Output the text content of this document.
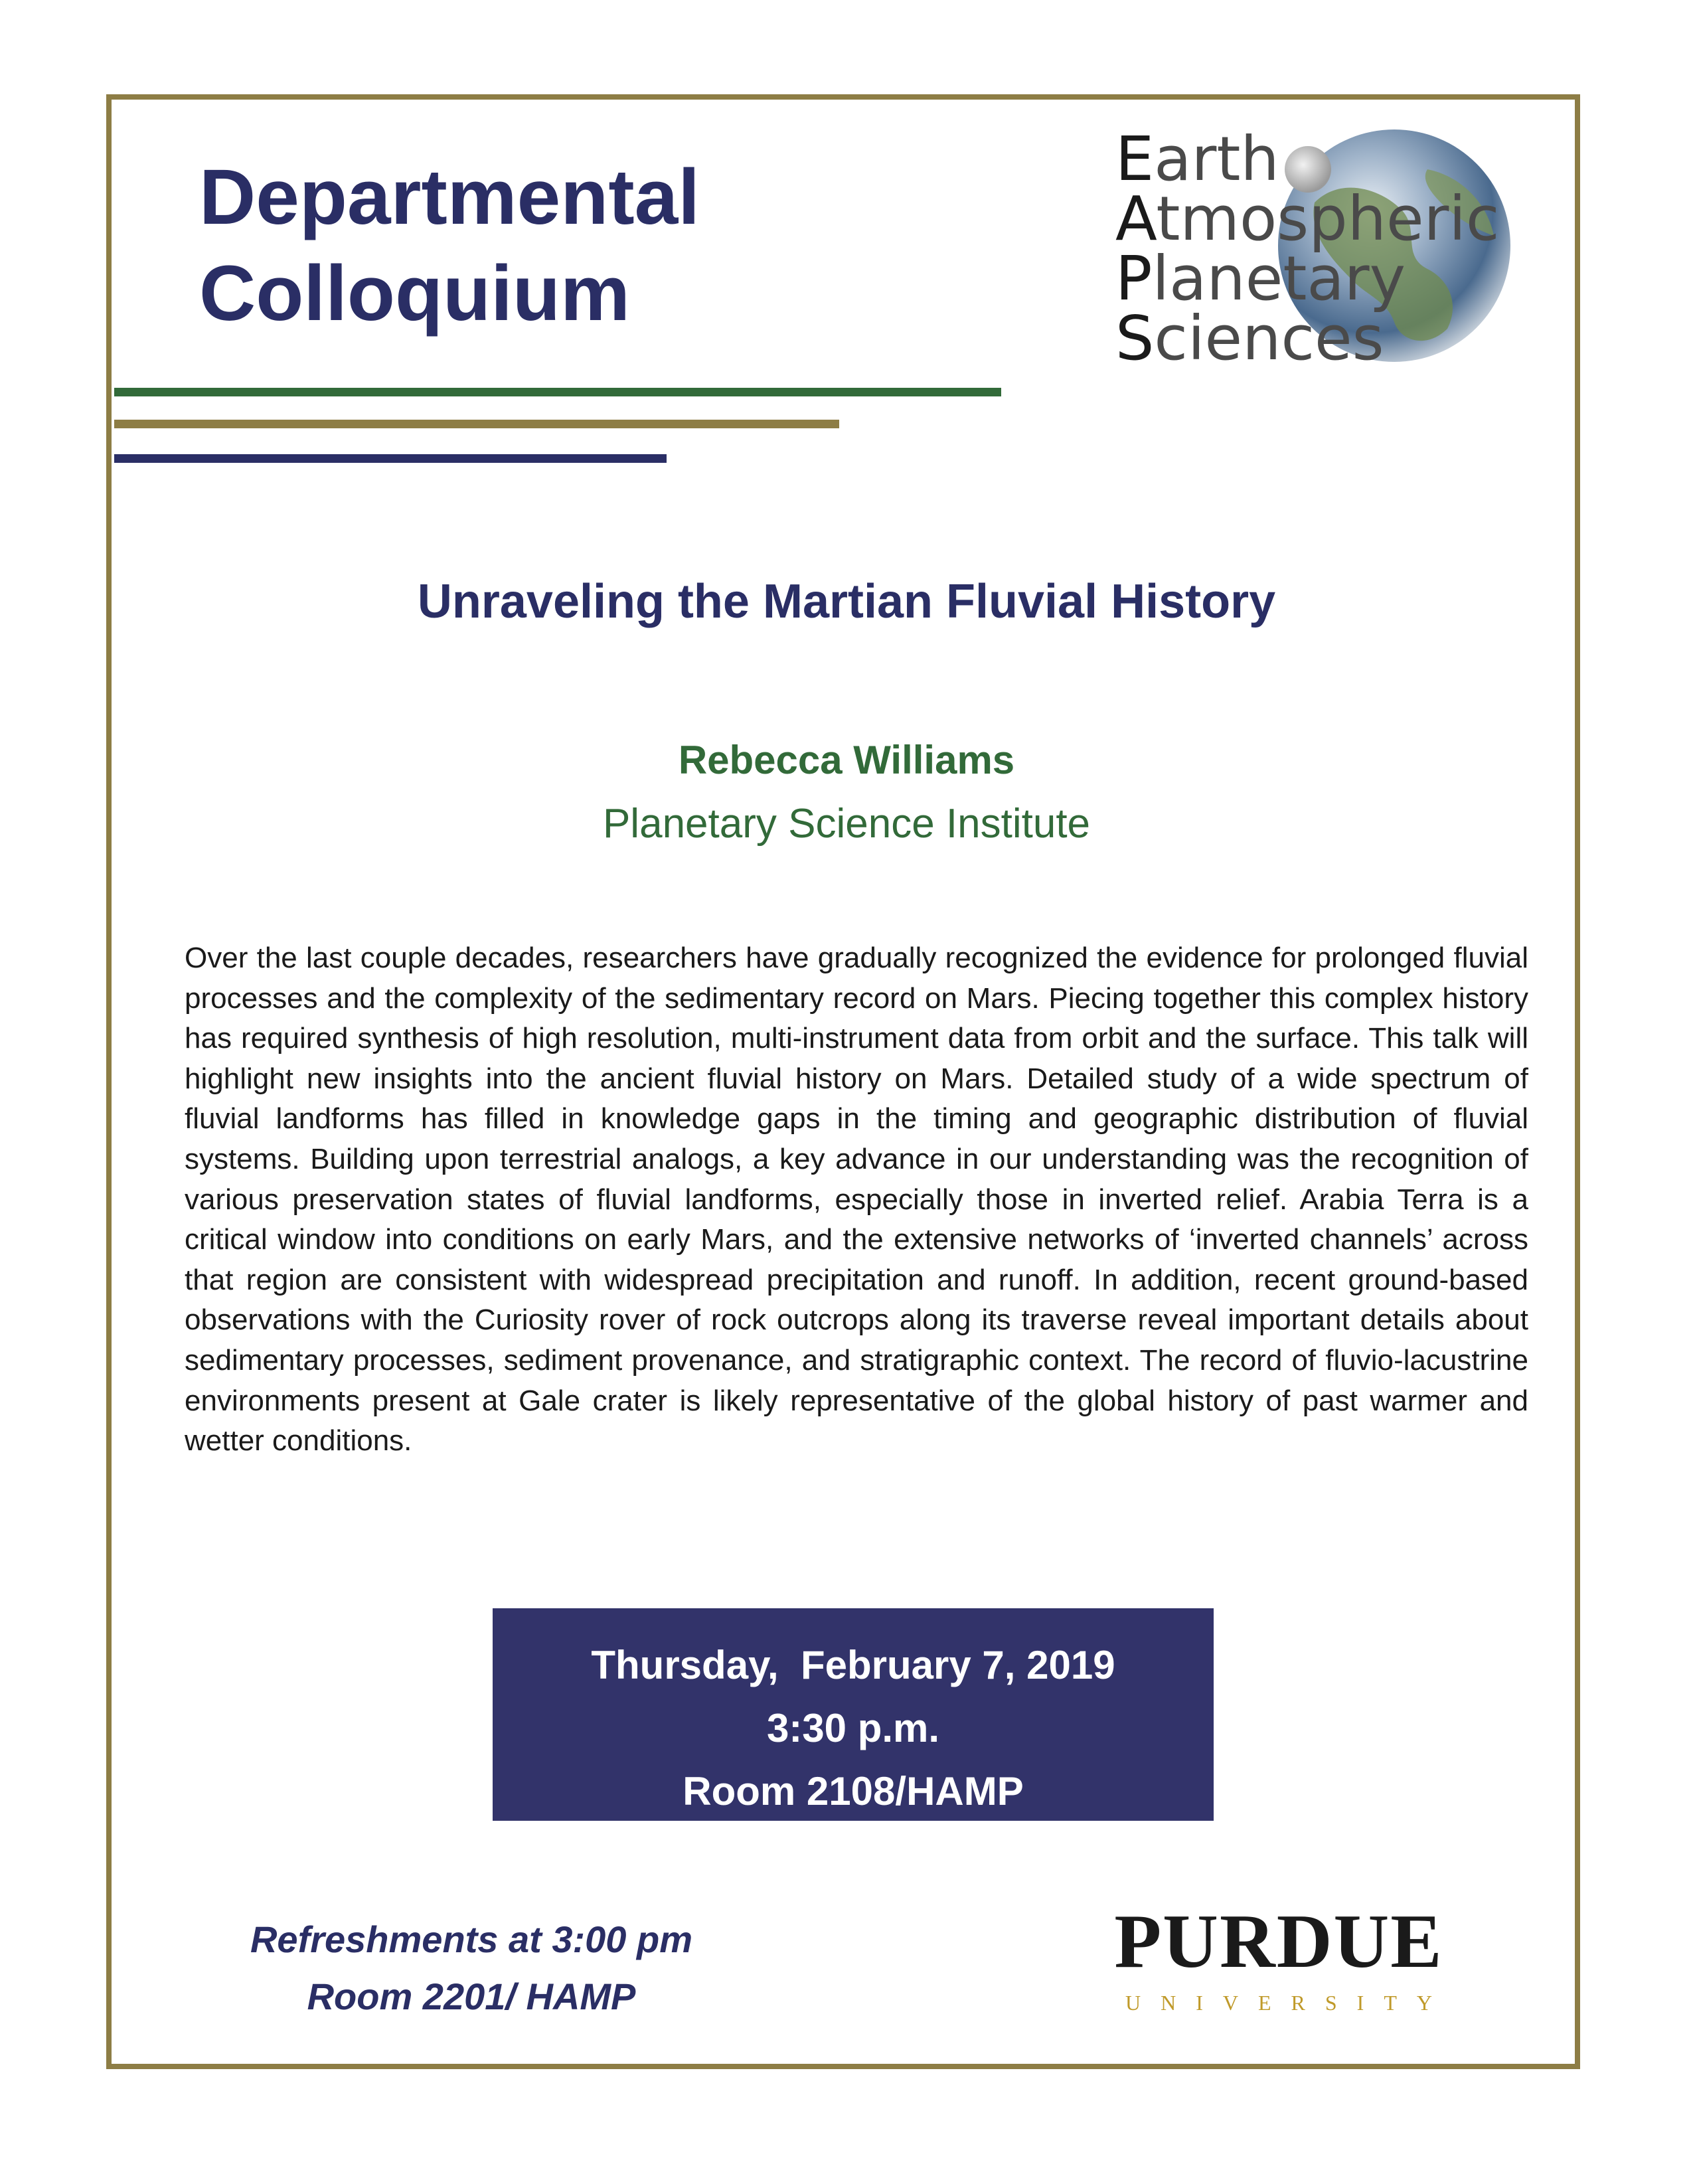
Departmental
Colloquium
Earth
Atmospheric
Planetary
Sciences
Unraveling the Martian Fluvial History
Rebecca Williams
Planetary Science Institute

Over the last couple decades, researchers have gradually recognized the evidence for prolonged fluvial processes and the complexity of the sedimentary record on Mars. Piecing together this complex history has required synthesis of high resolution, multi-instrument data from orbit and the surface. This talk will highlight new insights into the ancient fluvial history on Mars. Detailed study of a wide spectrum of fluvial landforms has filled in knowledge gaps in the timing and geographic distribution of fluvial systems. Building upon terrestrial analogs, a key advance in our understanding was the recognition of various preservation states of fluvial landforms, especially those in inverted relief. Arabia Terra is a critical window into conditions on early Mars, and the extensive networks of ‘inverted channels’ across that region are consistent with widespread precipitation and runoff. In addition, recent ground-based observations with the Curiosity rover of rock outcrops along its traverse reveal important details about sedimentary processes, sediment provenance, and stratigraphic context. The record of fluvio-lacustrine environments present at Gale crater is likely representative of the global history of past warmer and wetter conditions.

Thursday,  February 7, 2019
3:30 p.m.
Room 2108/HAMP
Refreshments at 3:00 pm
Room 2201/ HAMP
PURDUE
UNIVERSITY
